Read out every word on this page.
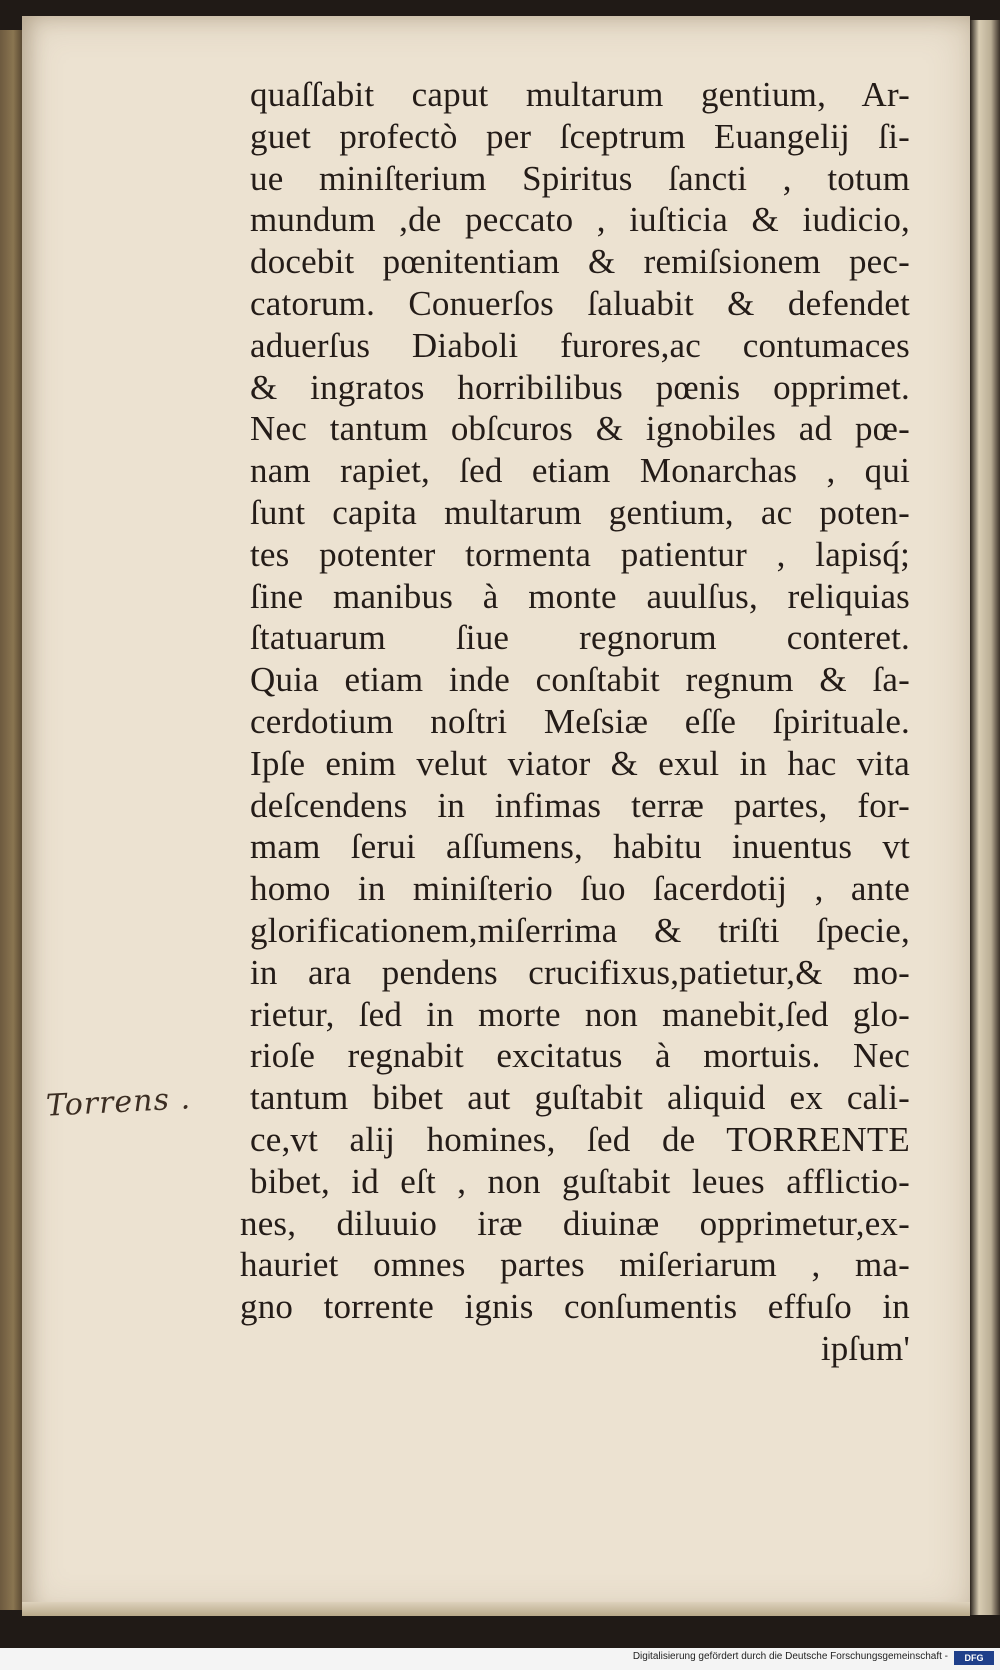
quaſſabit caput multarum gentium, Ar-
guet profectò per ſceptrum Euangelij ſi-
ue miniſterium Spiritus ſancti , totum
mundum ,de peccato , iuſticia & iudicio,
docebit pœnitentiam & remiſsionem pec-
catorum. Conuerſos ſaluabit & defendet
aduerſus Diaboli furores,ac contumaces
& ingratos horribilibus pœnis opprimet.
Nec tantum obſcuros & ignobiles ad pœ-
nam rapiet, ſed etiam Monarchas , qui
ſunt capita multarum gentium, ac poten-
tes potenter tormenta patientur , lapisq́;
ſine manibus à monte auulſus, reliquias
ſtatuarum ſiue regnorum conteret.
Quia etiam inde conſtabit regnum & ſa-
cerdotium noſtri Meſsiæ eſſe ſpirituale.
Ipſe enim velut viator & exul in hac vita
deſcendens in infimas terræ partes, for-
mam ſerui aſſumens, habitu inuentus vt
homo in miniſterio ſuo ſacerdotij , ante
glorificationem,miſerrima & triſti ſpecie,
in ara pendens crucifixus,patietur,& mo-
rietur, ſed in morte non manebit,ſed glo-
rioſe regnabit excitatus à mortuis. Nec
tantum bibet aut guſtabit aliquid ex cali-
ce,vt alij homines, ſed de TORRENTE
bibet, id eſt , non guſtabit leues afflictio-
nes, diluuio iræ diuinæ opprimetur,ex-
hauriet omnes partes miſeriarum , ma-
gno torrente ignis conſumentis effuſo in
ipſum'
Torrens .
Digitalisierung gefördert durch die Deutsche Forschungsgemeinschaft -	DFG
